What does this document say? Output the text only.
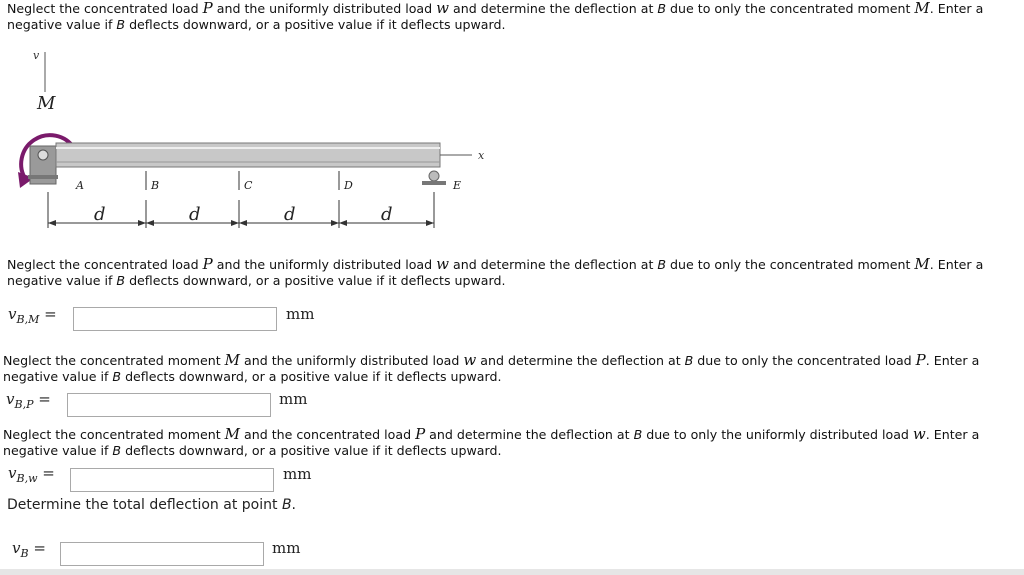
Neglect the concentrated load P and the uniformly distributed load w and determine the deflection at B due to only the concentrated moment M. Enter a
negative value if B deflects downward, or a positive value if it deflects upward.
v
M
x
A	B	C	D	E
d	d	d	d
Neglect the concentrated load P and the uniformly distributed load w and determine the deflection at B due to only the concentrated moment M. Enter a
negative value if B deflects downward, or a positive value if it deflects upward.
$v_{B,M}$ =	mm
Neglect the concentrated moment M and the uniformly distributed load w and determine the deflection at B due to only the concentrated load P. Enter a
negative value if B deflects downward, or a positive value if it deflects upward.
$v_{B,P}$ =	mm
Neglect the concentrated moment M and the concentrated load P and determine the deflection at B due to only the uniformly distributed load w. Enter a
negative value if B deflects downward, or a positive value if it deflects upward.
$v_{B,w}$ =	mm
Determine the total deflection at point B.
$v_B$ =	mm
